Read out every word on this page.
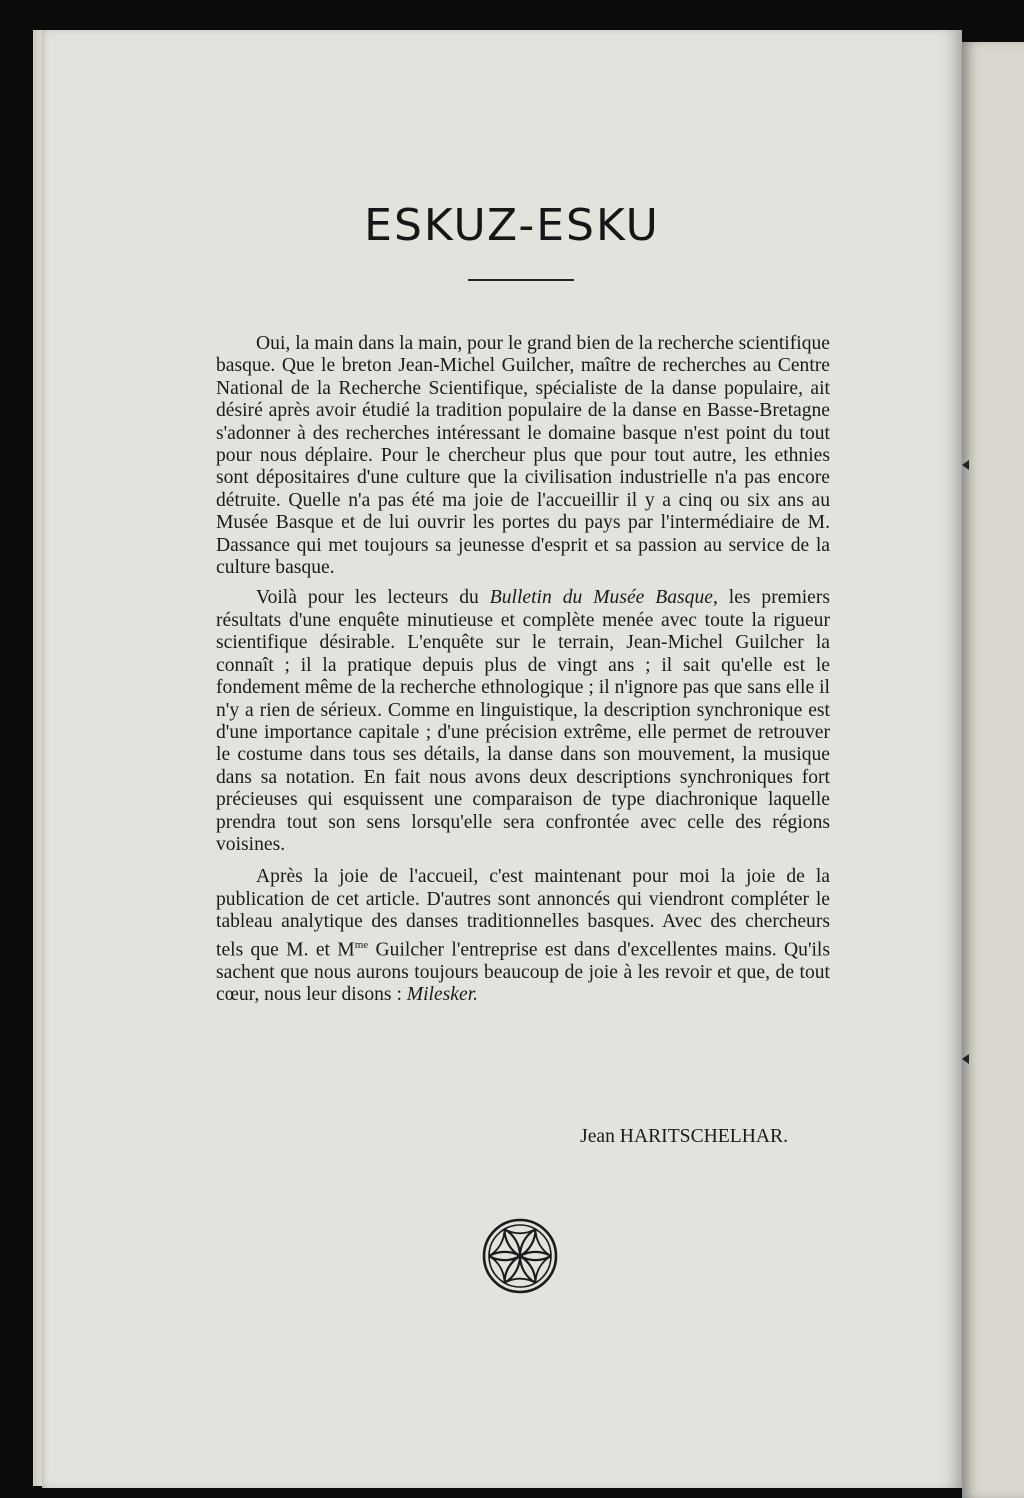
ESKUZ-ESKU

Oui, la main dans la main, pour le grand bien de la recherche scientifique basque. Que le breton Jean-Michel Guilcher, maître de recherches au Centre National de la Recherche Scientifique, spécialiste de la danse populaire, ait désiré après avoir étudié la tradition populaire de la danse en Basse-Bretagne s'adonner à des recherches intéressant le domaine basque n'est point du tout pour nous déplaire. Pour le chercheur plus que pour tout autre, les ethnies sont dépositaires d'une culture que la civilisation industrielle n'a pas encore détruite. Quelle n'a pas été ma joie de l'accueillir il y a cinq ou six ans au Musée Basque et de lui ouvrir les portes du pays par l'intermédiaire de M. Dassance qui met toujours sa jeunesse d'esprit et sa passion au service de la culture basque.

Voilà pour les lecteurs du Bulletin du Musée Basque, les premiers résultats d'une enquête minutieuse et complète menée avec toute la rigueur scientifique désirable. L'enquête sur le terrain, Jean-Michel Guilcher la connaît ; il la pratique depuis plus de vingt ans ; il sait qu'elle est le fondement même de la recherche ethnologique ; il n'ignore pas que sans elle il n'y a rien de sérieux. Comme en linguistique, la description synchronique est d'une importance capitale ; d'une précision extrême, elle permet de retrouver le costume dans tous ses détails, la danse dans son mouvement, la musique dans sa notation. En fait nous avons deux descriptions synchroniques fort précieuses qui esquissent une comparaison de type diachronique laquelle prendra tout son sens lorsqu'elle sera confrontée avec celle des régions voisines.

Après la joie de l'accueil, c'est maintenant pour moi la joie de la publication de cet article. D'autres sont annoncés qui viendront compléter le tableau analytique des danses traditionnelles basques. Avec des chercheurs tels que M. et $M^{me}$ Guilcher l'entreprise est dans d'excellentes mains. Qu'ils sachent que nous aurons toujours beaucoup de joie à les revoir et que, de tout cœur, nous leur disons : Milesker.

Jean HARITSCHELHAR.
